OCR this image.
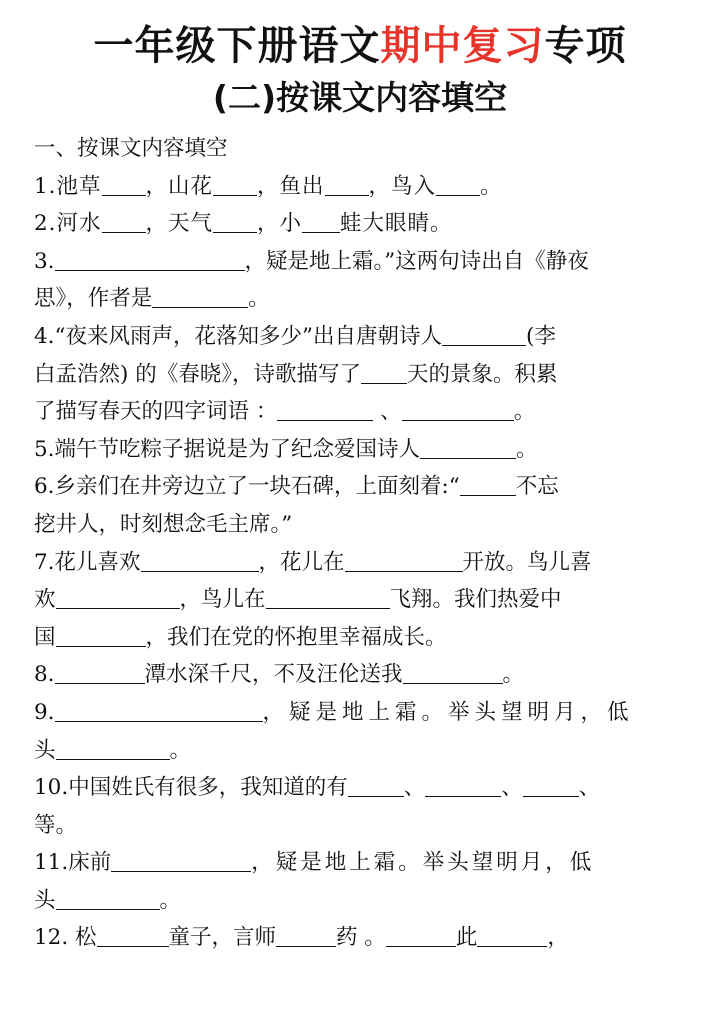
一年级下册语文期中复习专项
(二)按课文内容填空
一、按课文内容填空
1.池草 ，山花 ，鱼出 ，鸟入 。
2.河水 ，天气 ，小 蛙大眼睛。
3.	，疑是地上霜。”这两句诗出自《静夜
思》，作者是	。
4.“夜来风雨声，花落知多少”出自唐朝诗人	(李
白孟浩然) 的《春晓》，诗歌描写了 天的景象。积累
了描写春天的四字词语 ：	、	。
5.端午节吃粽子据说是为了纪念爱国诗人	。
6.乡亲们在井旁边立了一块石碑，上面刻着:“	不忘
挖井人，时刻想念毛主席。”
7.花儿喜欢	，花儿在	开放。鸟儿喜
欢	，鸟儿在	飞翔。我们热爱中
国	，我们在党的怀抱里幸福成长。
8.	潭水深千尺，不及汪伦送我	。
9.	，疑是地上霜。举头望明月，低
头	。
10.中国姓氏有很多，我知道的有	、	、	、
等。
11.床前	，疑是地上霜。举头望明月，低
头	。
12. 松	童子，言师	药 。	此	，
